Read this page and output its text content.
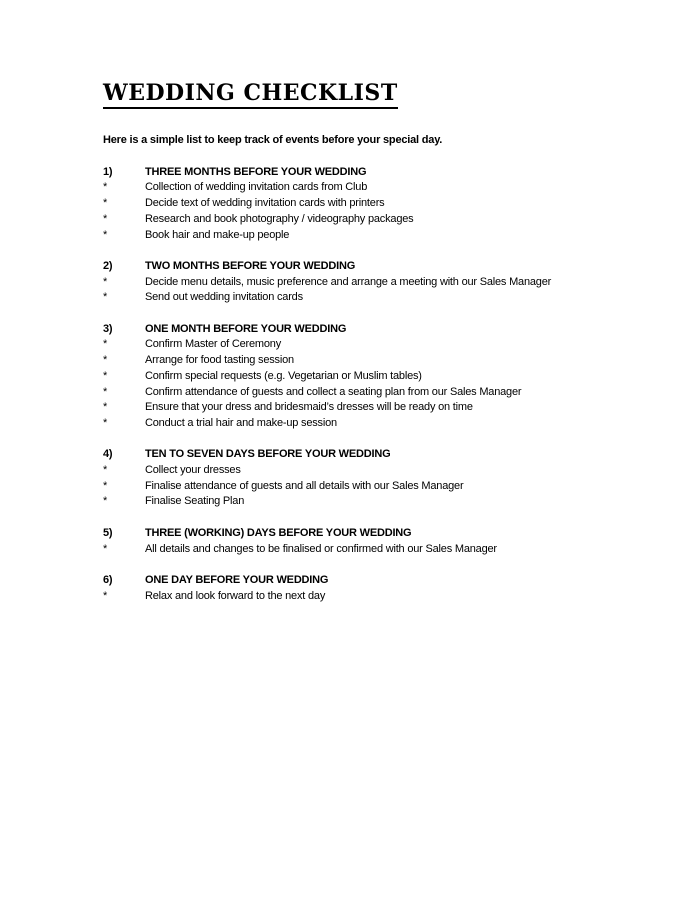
WEDDING CHECKLIST

Here is a simple list to keep track of events before your special day.

1)	THREE MONTHS BEFORE YOUR WEDDING
*	Collection of wedding invitation cards from Club
*	Decide text of wedding invitation cards with printers
*	Research and book photography / videography packages
*	Book hair and make-up people
2)	TWO MONTHS BEFORE YOUR WEDDING
*	Decide menu details, music preference and arrange a meeting with our Sales Manager
*	Send out wedding invitation cards
3)	ONE MONTH BEFORE YOUR WEDDING
*	Confirm Master of Ceremony
*	Arrange for food tasting session
*	Confirm special requests (e.g. Vegetarian or Muslim tables)
*	Confirm attendance of guests and collect a seating plan from our Sales Manager
*	Ensure that your dress and bridesmaid’s dresses will be ready on time
*	Conduct a trial hair and make-up session
4)	TEN TO SEVEN DAYS BEFORE YOUR WEDDING
*	Collect your dresses
*	Finalise attendance of guests and all details with our Sales Manager
*	Finalise Seating Plan
5)	THREE (WORKING) DAYS BEFORE YOUR WEDDING
*	All details and changes to be finalised or confirmed with our Sales Manager
6)	ONE DAY BEFORE YOUR WEDDING
*	Relax and look forward to the next day
